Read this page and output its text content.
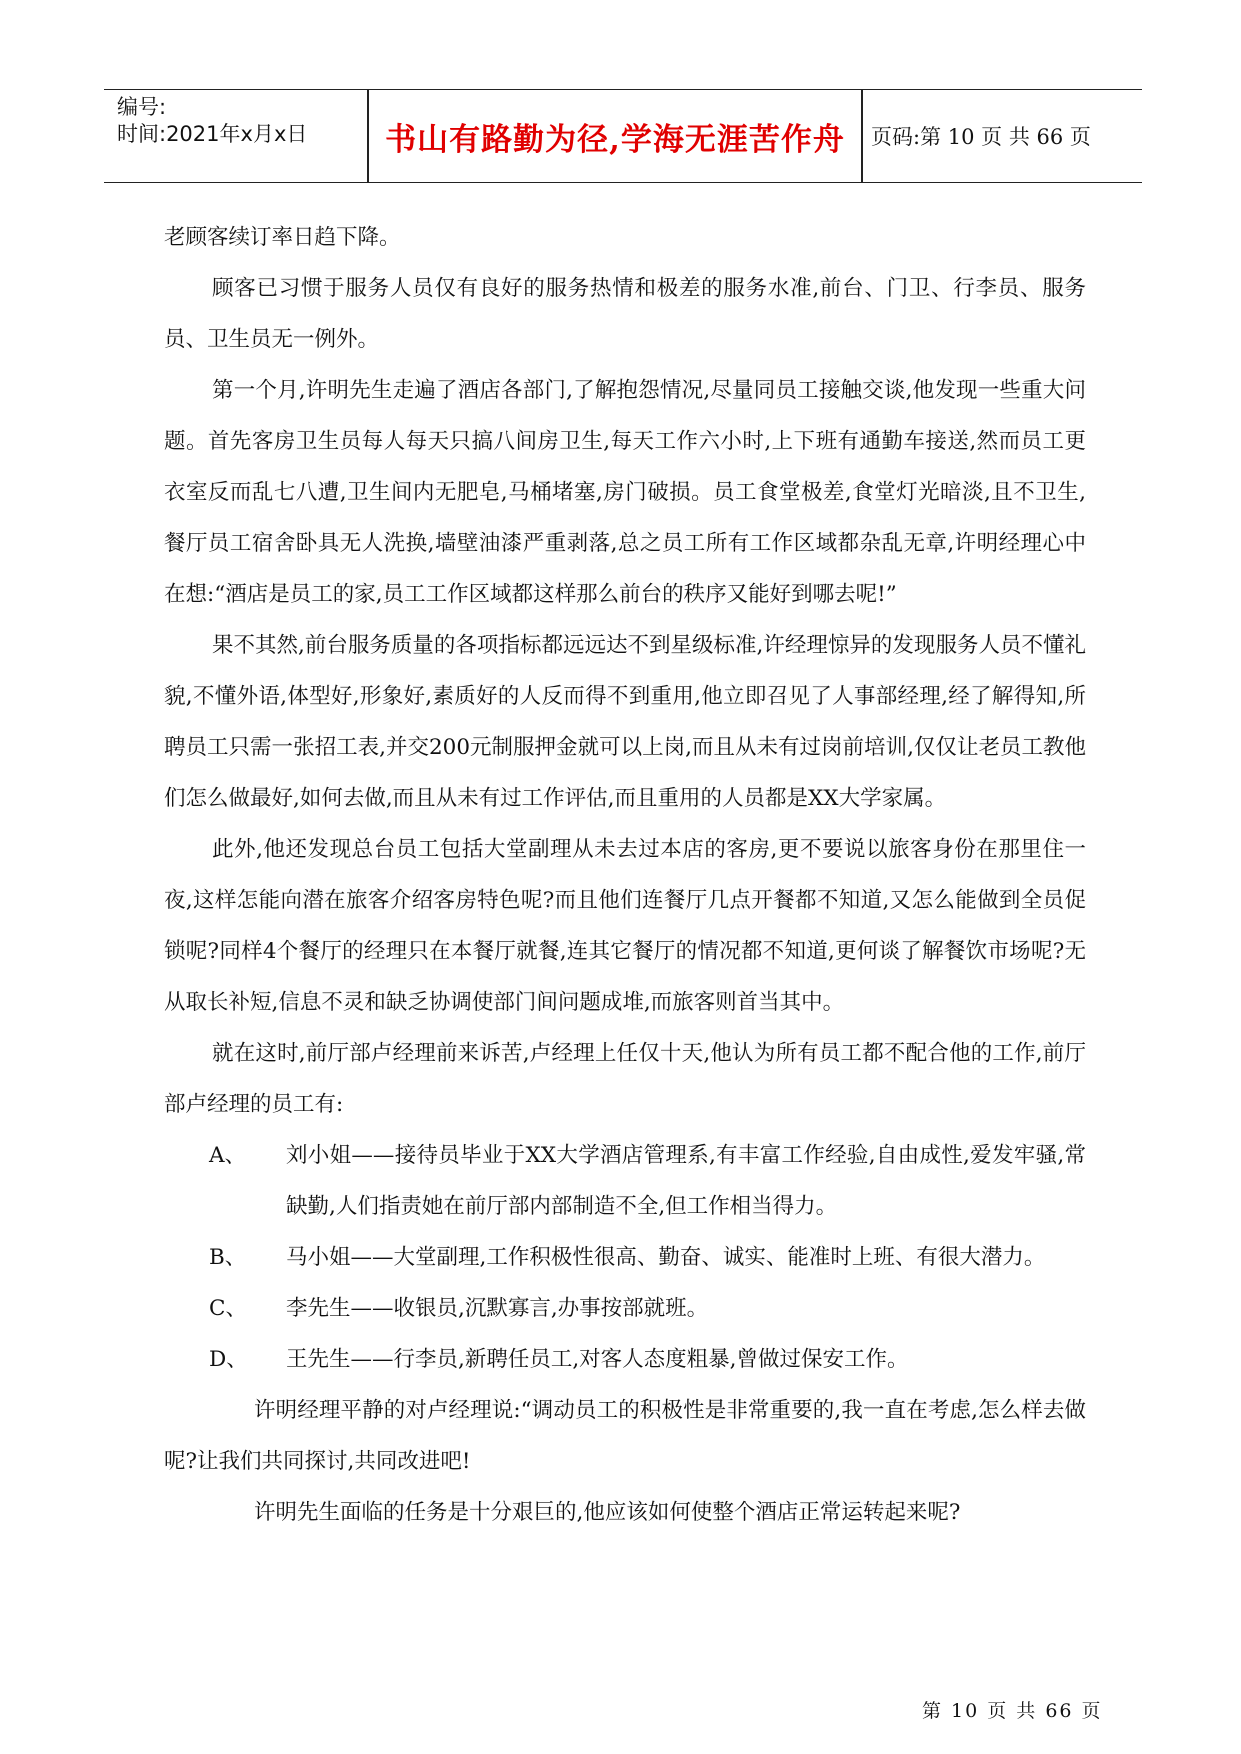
编号:
时间:2021年x月x日	书山有路勤为径,学海无涯苦作舟	页码:第 10 页 共 66 页

老顾客续订率日趋下降。

顾客已习惯于服务人员仅有良好的服务热情和极差的服务水准,前台、门卫、行李员、服务员、卫生员无一例外。

第一个月,许明先生走遍了酒店各部门,了解抱怨情况,尽量同员工接触交谈,他发现一些重大问题。首先客房卫生员每人每天只搞八间房卫生,每天工作六小时,上下班有通勤车接送,然而员工更衣室反而乱七八遭,卫生间内无肥皂,马桶堵塞,房门破损。员工食堂极差,食堂灯光暗淡,且不卫生,餐厅员工宿舍卧具无人洗换,墙壁油漆严重剥落,总之员工所有工作区域都杂乱无章,许明经理心中在想:“酒店是员工的家,员工工作区域都这样那么前台的秩序又能好到哪去呢!”

果不其然,前台服务质量的各项指标都远远达不到星级标准,许经理惊异的发现服务人员不懂礼貌,不懂外语,体型好,形象好,素质好的人反而得不到重用,他立即召见了人事部经理,经了解得知,所聘员工只需一张招工表,并交200元制服押金就可以上岗,而且从未有过岗前培训,仅仅让老员工教他们怎么做最好,如何去做,而且从未有过工作评估,而且重用的人员都是XX大学家属。

此外,他还发现总台员工包括大堂副理从未去过本店的客房,更不要说以旅客身份在那里住一夜,这样怎能向潜在旅客介绍客房特色呢?而且他们连餐厅几点开餐都不知道,又怎么能做到全员促锁呢?同样4个餐厅的经理只在本餐厅就餐,连其它餐厅的情况都不知道,更何谈了解餐饮市场呢?无从取长补短,信息不灵和缺乏协调使部门间问题成堆,而旅客则首当其中。

就在这时,前厅部卢经理前来诉苦,卢经理上任仅十天,他认为所有员工都不配合他的工作,前厅部卢经理的员工有:

A、	刘小姐——接待员毕业于XX大学酒店管理系,有丰富工作经验,自由成性,爱发牢骚,常缺勤,人们指责她在前厅部内部制造不全,但工作相当得力。
B、	马小姐——大堂副理,工作积极性很高、勤奋、诚实、能准时上班、有很大潜力。
C、	李先生——收银员,沉默寡言,办事按部就班。
D、	王先生——行李员,新聘任员工,对客人态度粗暴,曾做过保安工作。

许明经理平静的对卢经理说:“调动员工的积极性是非常重要的,我一直在考虑,怎么样去做呢?让我们共同探讨,共同改进吧!

许明先生面临的任务是十分艰巨的,他应该如何使整个酒店正常运转起来呢?

第 10 页 共 66 页
